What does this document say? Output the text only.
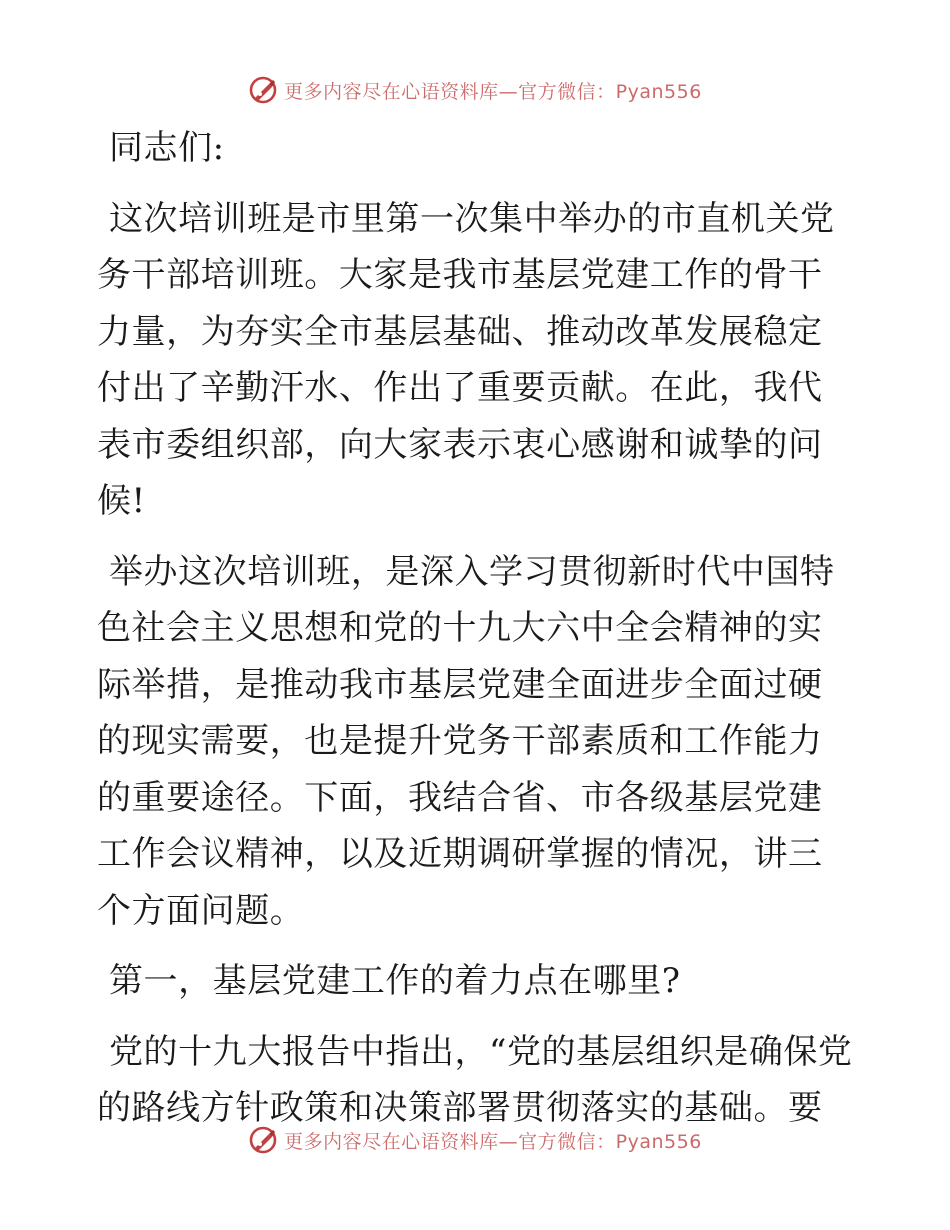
更多内容尽在心语资料库—官方微信：Pyan556

同志们:

这次培训班是市里第一次集中举办的市直机关党务干部培训班。大家是我市基层党建工作的骨干力量，为夯实全市基层基础、推动改革发展稳定付出了辛勤汗水、作出了重要贡献。在此，我代表市委组织部，向大家表示衷心感谢和诚挚的问候!

举办这次培训班，是深入学习贯彻新时代中国特色社会主义思想和党的十九大六中全会精神的实际举措，是推动我市基层党建全面进步全面过硬的现实需要，也是提升党务干部素质和工作能力的重要途径。下面，我结合省、市各级基层党建工作会议精神，以及近期调研掌握的情况，讲三个方面问题。

第一，基层党建工作的着力点在哪里?

党的十九大报告中指出，“党的基层组织是确保党的路线方针政策和决策部署贯彻落实的基础。要

更多内容尽在心语资料库—官方微信：Pyan556
